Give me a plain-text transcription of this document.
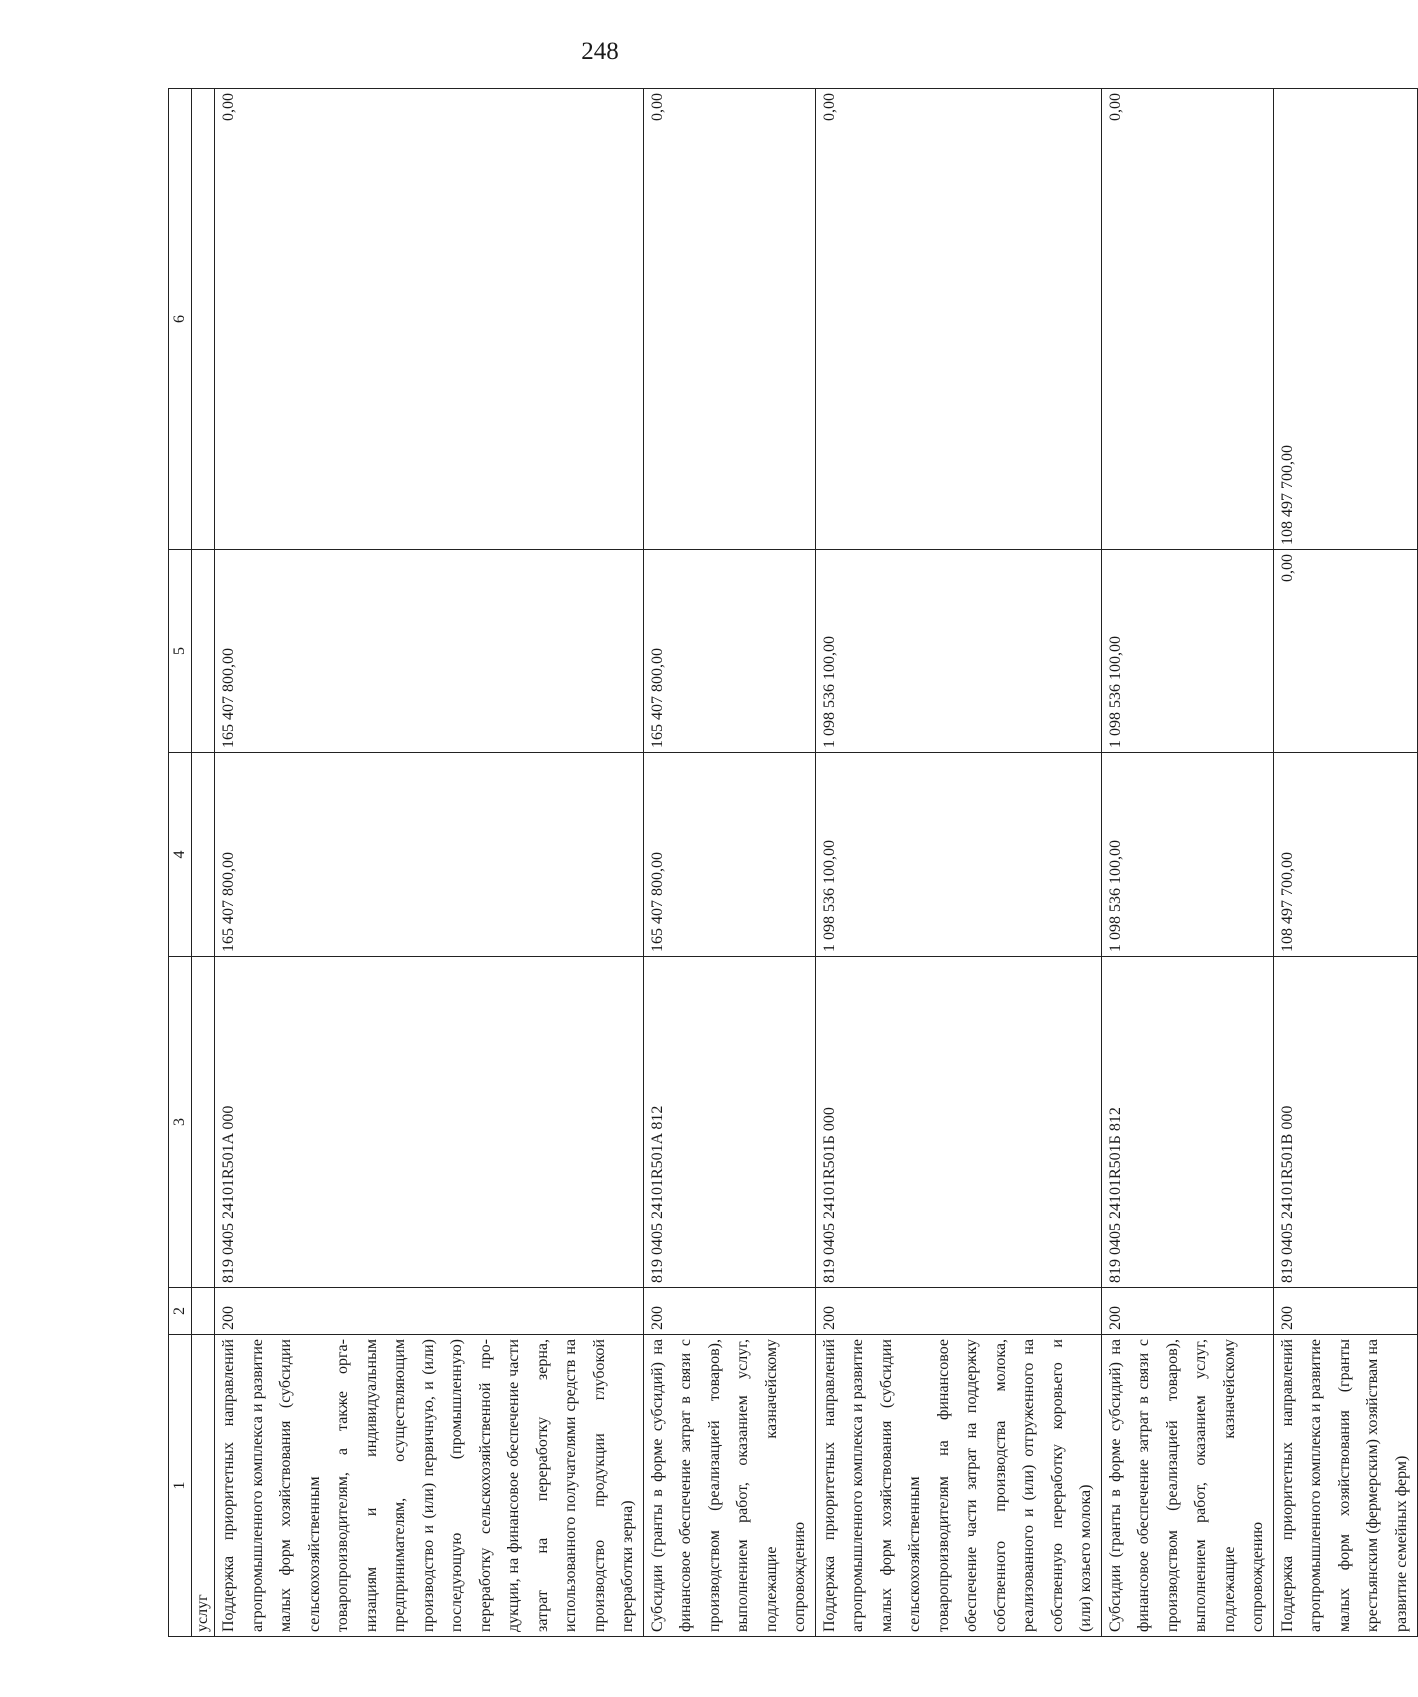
248
1	2	3	4	5	6
услуг					
Поддержка приоритетных направлений агропромышленного комплекса и развитие малых форм хозяйствования (субсидии сельскохозяйственным товаропроизводителям, а также организациям и индивидуальным предпринимателям, осуществляющим производство и (или) первичную, и (или) последующую (промышленную) переработку сельскохозяйственной продукции, на финансовое обеспечение части затрат на переработку зерна, использованного получателями средств на производство продукции глубокой переработки зерна)	200	819 0405 24101R501A 000	165 407 800,00	165 407 800,00	0,00
Субсидии (гранты в форме субсидий) на финансовое обеспечение затрат в связи с производством (реализацией товаров), выполнением работ, оказанием услуг, подлежащие казначейскому сопровождению	200	819 0405 24101R501A 812	165 407 800,00	165 407 800,00	0,00
Поддержка приоритетных направлений агропромышленного комплекса и развитие малых форм хозяйствования (субсидии сельскохозяйственным товаропроизводителям на финансовое обеспечение части затрат на поддержку собственного производства молока, реализованного и (или) отгруженного на собственную переработку коровьего и (или) козьего молока)	200	819 0405 24101R501Б 000	1 098 536 100,00	1 098 536 100,00	0,00
Субсидии (гранты в форме субсидий) на финансовое обеспечение затрат в связи с производством (реализацией товаров), выполнением работ, оказанием услуг, подлежащие казначейскому сопровождению	200	819 0405 24101R501Б 812	1 098 536 100,00	1 098 536 100,00	0,00
Поддержка приоритетных направлений агропромышленного комплекса и развитие малых форм хозяйствования (гранты крестьянским (фермерским) хозяйствам на развитие семейных ферм)	200	819 0405 24101R501В 000	108 497 700,00	0,00	108 497 700,00
